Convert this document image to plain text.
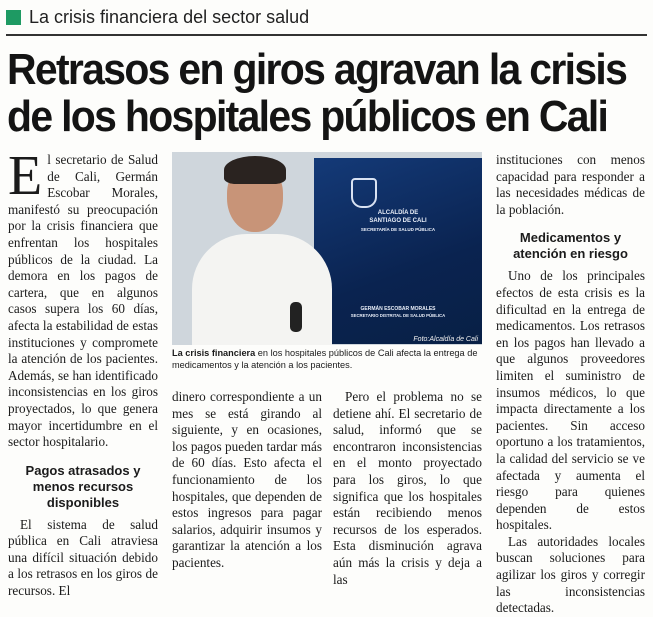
La crisis financiera del sector salud
Retrasos en giros agravan la crisis
de los hospitales públicos en Cali

El secretario de Salud de Cali, Germán Escobar Morales, manifestó su preocupación por la crisis financiera que enfrentan los hospitales públicos de la ciudad. La demora en los pagos de cartera, que en algunos casos supera los 60 días, afecta la estabilidad de estas instituciones y compromete la atención de los pacientes. Además, se han identificado inconsistencias en los giros proyectados, lo que genera mayor incertidumbre en el sector hospitalario.

Pagos atrasados y menos recursos disponibles

El sistema de salud pública en Cali atraviesa una difícil situación debido a los retrasos en los giros de recursos. El

ALCALDÍA DE
SANTIAGO DE CALI
SECRETARÍA DE SALUD PÚBLICA
GERMÁN ESCOBAR MORALES
SECRETARIO DISTRITAL DE SALUD PÚBLICA
Foto:Alcaldía de Cali
La crisis financiera en los hospitales públicos de Cali afecta la entrega de medicamentos y la atención a los pacientes.

dinero correspondiente a un mes se está girando al siguiente, y en ocasiones, los pagos pueden tardar más de 60 días. Esto afecta el funcionamiento de los hospitales, que dependen de estos ingresos para pagar salarios, adquirir insumos y garantizar la atención a los pacientes.

Pero el problema no se detiene ahí. El secretario de salud, informó que se encontraron inconsistencias en el monto proyectado para los giros, lo que significa que los hospitales están recibiendo menos recursos de los esperados. Esta disminución agrava aún más la crisis y deja a las

instituciones con menos capacidad para responder a las necesidades médicas de la población.

Medicamentos y atención en riesgo

Uno de los principales efectos de esta crisis es la dificultad en la entrega de medicamentos. Los retrasos en los pagos han llevado a que algunos proveedores limiten el suministro de insumos médicos, lo que impacta directamente a los pacientes. Sin acceso oportuno a los tratamientos, la calidad del servicio se ve afectada y aumenta el riesgo para quienes dependen de estos hospitales.

Las autoridades locales buscan soluciones para agilizar los giros y corregir las inconsistencias detectadas.
